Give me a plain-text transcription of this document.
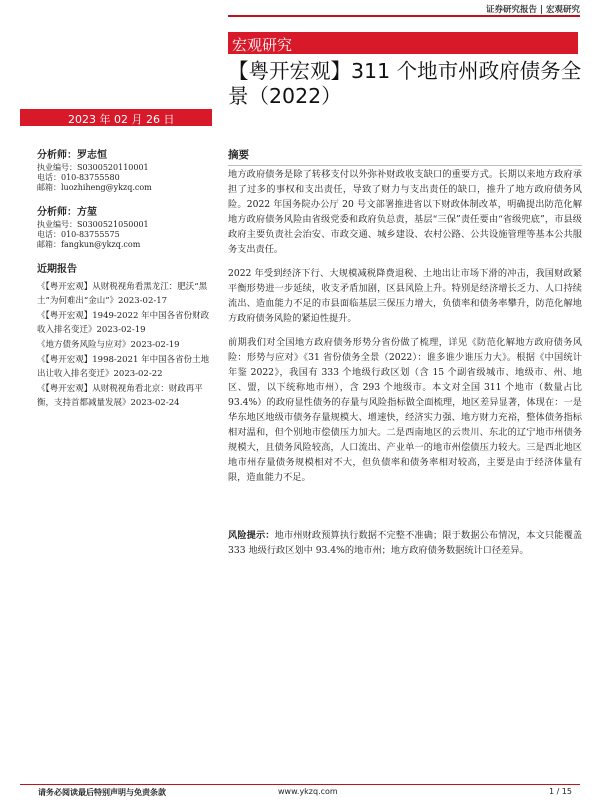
证券研究报告 | 宏观研究
宏观研究
【粤开宏观】311 个地市州政府债务全景（2022）
2023 年 02 月 26 日
分析师：罗志恒
执业编号：S0300520110001
电话：010-83755580
邮箱：luozhiheng@ykzq.com
分析师：方堃
执业编号：S0300521050001
电话：010-83755575
邮箱：fangkun@ykzq.com
近期报告
《【粤开宏观】从财税视角看黑龙江：肥沃“黑土”为何难出“金山”》2023-02-17
《【粤开宏观】1949-2022 年中国各省份财政收入排名变迁》2023-02-19
《地方债务风险与应对》2023-02-19
《【粤开宏观】1998-2021 年中国各省份土地出让收入排名变迁》2023-02-22
《【粤开宏观】从财税视角看北京：财政再平衡，支持首都减量发展》2023-02-24
摘要

地方政府债务是除了转移支付以外弥补财政收支缺口的重要方式。长期以来地方政府承担了过多的事权和支出责任，导致了财力与支出责任的缺口，推升了地方政府债务风险。2022 年国务院办公厅 20 号文部署推进省以下财政体制改革，明确提出防范化解地方政府债务风险由省级党委和政府负总责，基层“三保”责任要由“省级兜底”，市县级政府主要负责社会治安、市政交通、城乡建设、农村公路、公共设施管理等基本公共服务支出责任。

2022 年受到经济下行、大规模减税降费退税、土地出让市场下滑的冲击，我国财政紧平衡形势进一步延续，收支矛盾加剧，区县风险上升。特别是经济增长乏力、人口持续流出、造血能力不足的市县面临基层三保压力增大，负债率和债务率攀升，防范化解地方政府债务风险的紧迫性提升。

前期我们对全国地方政府债务形势分省份做了梳理，详见《防范化解地方政府债务风险：形势与应对》《31 省份债务全景（2022）：谁多谁少谁压力大》。根据《中国统计年鉴 2022》，我国有 333 个地级行政区划（含 15 个副省级城市、地级市、州、地区、盟，以下统称地市州），含 293 个地级市。本文对全国 311 个地市（数量占比 93.4%）的政府显性债务的存量与风险指标做全面梳理，地区差异显著，体现在：一是华东地区地级市债务存量规模大、增速快，经济实力强、地方财力充裕，整体债务指标相对温和，但个别地市偿债压力加大。二是西南地区的云贵川、东北的辽宁地市州债务规模大，且债务风险较高，人口流出、产业单一的地市州偿债压力较大。三是西北地区地市州存量债务规模相对不大，但负债率和债务率相对较高，主要是由于经济体量有限，造血能力不足。

风险提示：地市州财政预算执行数据不完整不准确；限于数据公布情况，本文只能覆盖 333 地级行政区划中 93.4%的地市州；地方政府债务数据统计口径差异。
请务必阅读最后特别声明与免责条款	www.ykzq.com	1 / 15
